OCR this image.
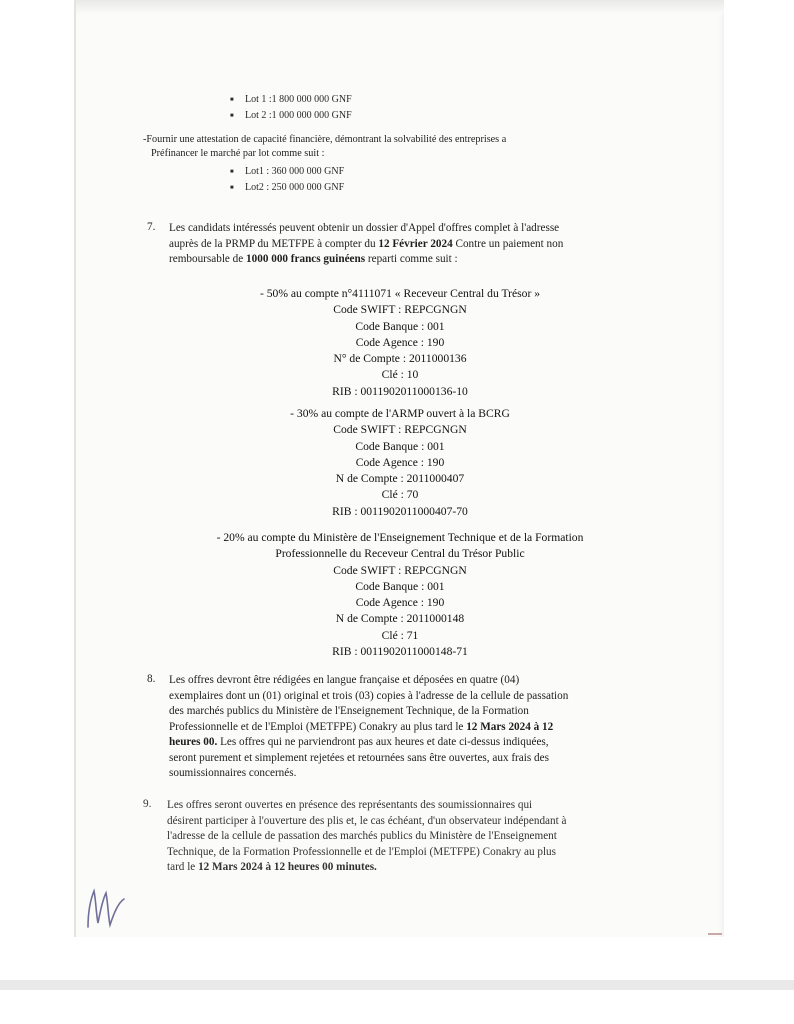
■ Lot 1 :1 800 000 000 GNF
■ Lot 2 :1 000 000 000 GNF
-Fournir une attestation de capacité financière, démontrant la solvabilité des entreprises a
Préfinancer le marché par lot comme suit :
■ Lot1 : 360 000 000 GNF
■ Lot2 : 250 000 000 GNF
7. Les candidats intéressés peuvent obtenir un dossier d'Appel d'offres complet à l'adresse
auprès de la PRMP du METFPE à compter du 12 Février 2024 Contre un paiement non
remboursable de 1000 000 francs guinéens reparti comme suit :
- 50% au compte n°4111071 « Receveur Central du Trésor »
Code SWIFT : REPCGNGN
Code Banque : 001
Code Agence : 190
N° de Compte : 2011000136
Clé : 10
RIB : 0011902011000136-10
- 30% au compte de l'ARMP ouvert à la BCRG
Code SWIFT : REPCGNGN
Code Banque : 001
Code Agence : 190
N de Compte : 2011000407
Clé : 70
RIB : 0011902011000407-70
- 20% au compte du Ministère de l'Enseignement Technique et de la Formation
Professionnelle du Receveur Central du Trésor Public
Code SWIFT : REPCGNGN
Code Banque : 001
Code Agence : 190
N de Compte : 2011000148
Clé : 71
RIB : 0011902011000148-71
8. Les offres devront être rédigées en langue française et déposées en quatre (04)
exemplaires dont un (01) original et trois (03) copies à l'adresse de la cellule de passation
des marchés publics du Ministère de l'Enseignement Technique, de la Formation
Professionnelle et de l'Emploi (METFPE) Conakry au plus tard le 12 Mars 2024 à 12
heures 00. Les offres qui ne parviendront pas aux heures et date ci-dessus indiquées,
seront purement et simplement rejetées et retournées sans être ouvertes, aux frais des
soumissionnaires concernés.
9. Les offres seront ouvertes en présence des représentants des soumissionnaires qui
désirent participer à l'ouverture des plis et, le cas échéant, d'un observateur indépendant à
l'adresse de la cellule de passation des marchés publics du Ministère de l'Enseignement
Technique, de la Formation Professionnelle et de l'Emploi (METFPE) Conakry au plus
tard le 12 Mars 2024 à 12 heures 00 minutes.
